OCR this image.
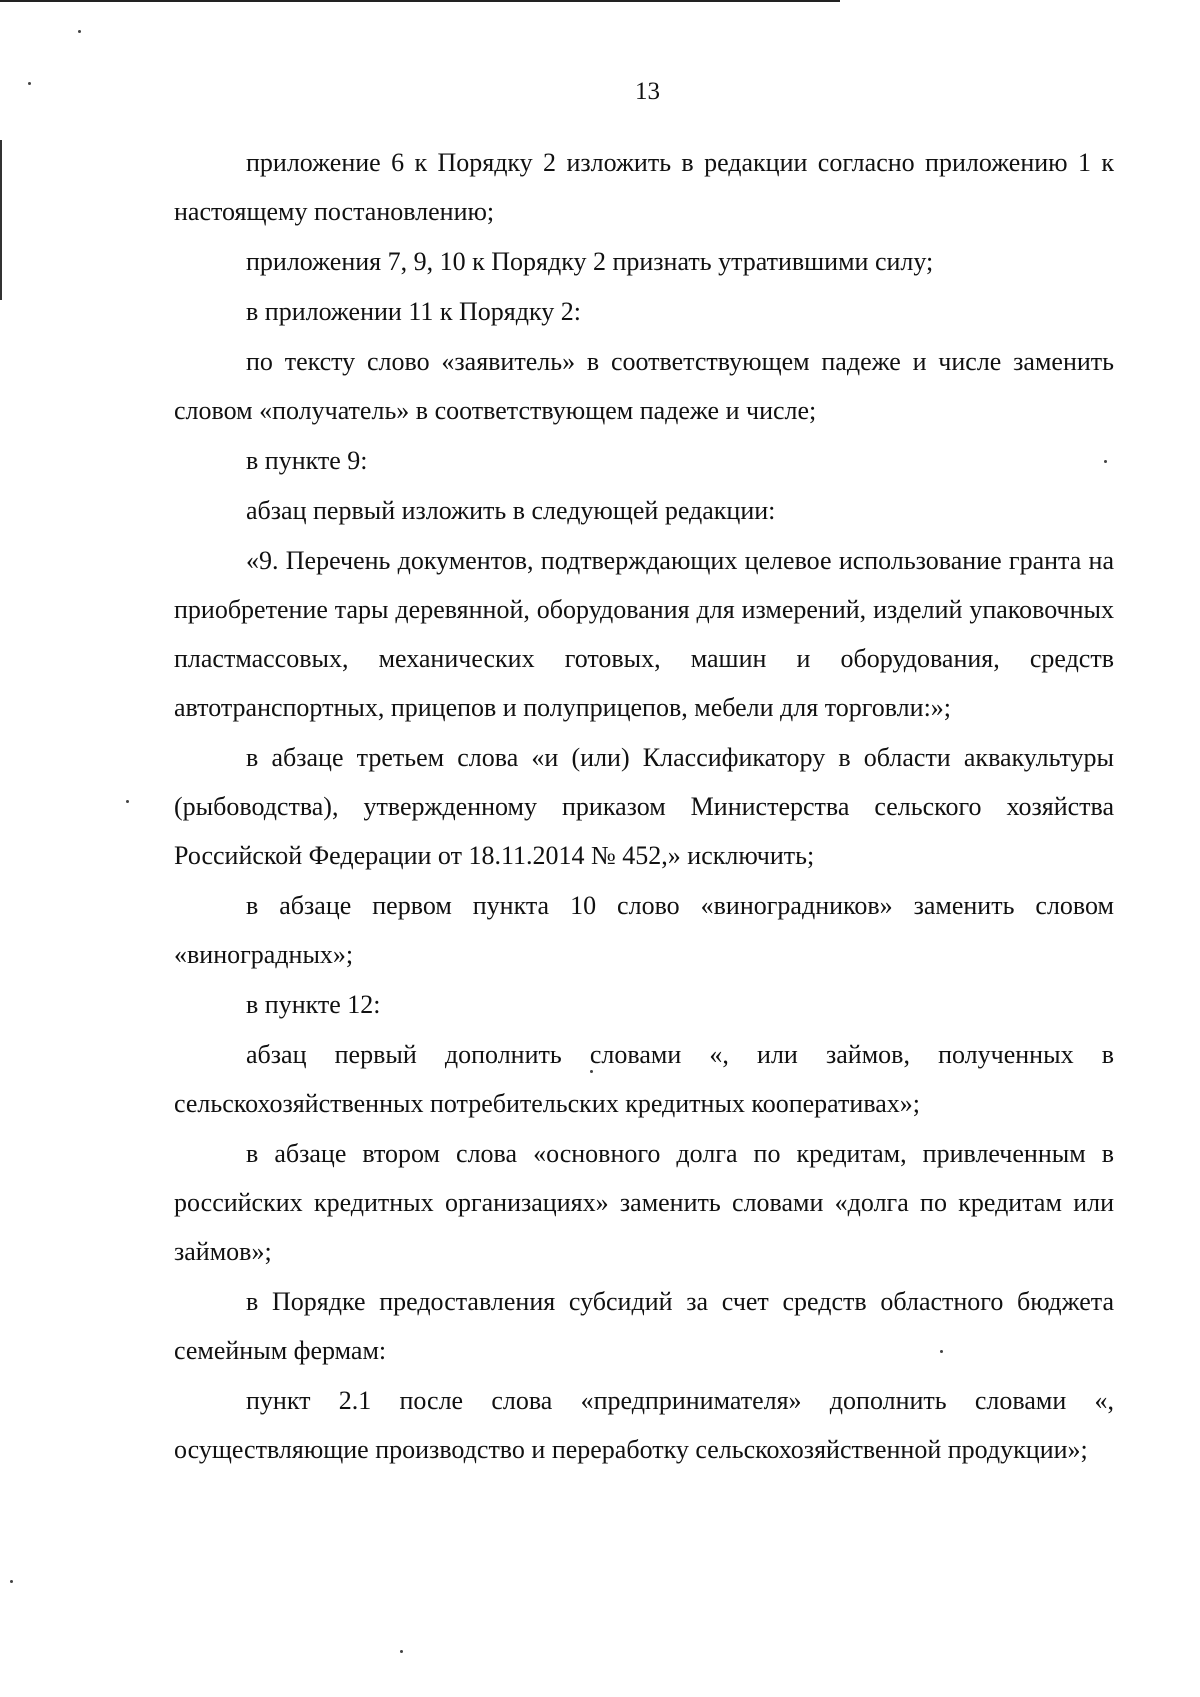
13

приложение 6 к Порядку 2 изложить в редакции согласно приложению 1 к настоящему постановлению;

приложения 7, 9, 10 к Порядку 2 признать утратившими силу;

в приложении 11 к Порядку 2:

по тексту слово «заявитель» в соответствующем падеже и числе заменить словом «получатель» в соответствующем падеже и числе;

в пункте 9:

абзац первый изложить в следующей редакции:

«9. Перечень документов, подтверждающих целевое использование гранта на приобретение тары деревянной, оборудования для измерений, изделий упаковочных пластмассовых, механических готовых, машин и оборудования, средств автотранспортных, прицепов и полуприцепов, мебели для торговли:»;

в абзаце третьем слова «и (или) Классификатору в области аквакультуры (рыбоводства), утвержденному приказом Министерства сельского хозяйства Российской Федерации от 18.11.2014 № 452,» исключить;

в абзаце первом пункта 10 слово «виноградников» заменить словом «виноградных»;

в пункте 12:

абзац первый дополнить словами «, или займов, полученных в сельскохозяйственных потребительских кредитных кооперативах»;

в абзаце втором слова «основного долга по кредитам, привлеченным в российских кредитных организациях» заменить словами «долга по кредитам или займов»;

в Порядке предоставления субсидий за счет средств областного бюджета семейным фермам:

пункт 2.1 после слова «предпринимателя» дополнить словами «, осуществляющие производство и переработку сельскохозяйственной продукции»;
